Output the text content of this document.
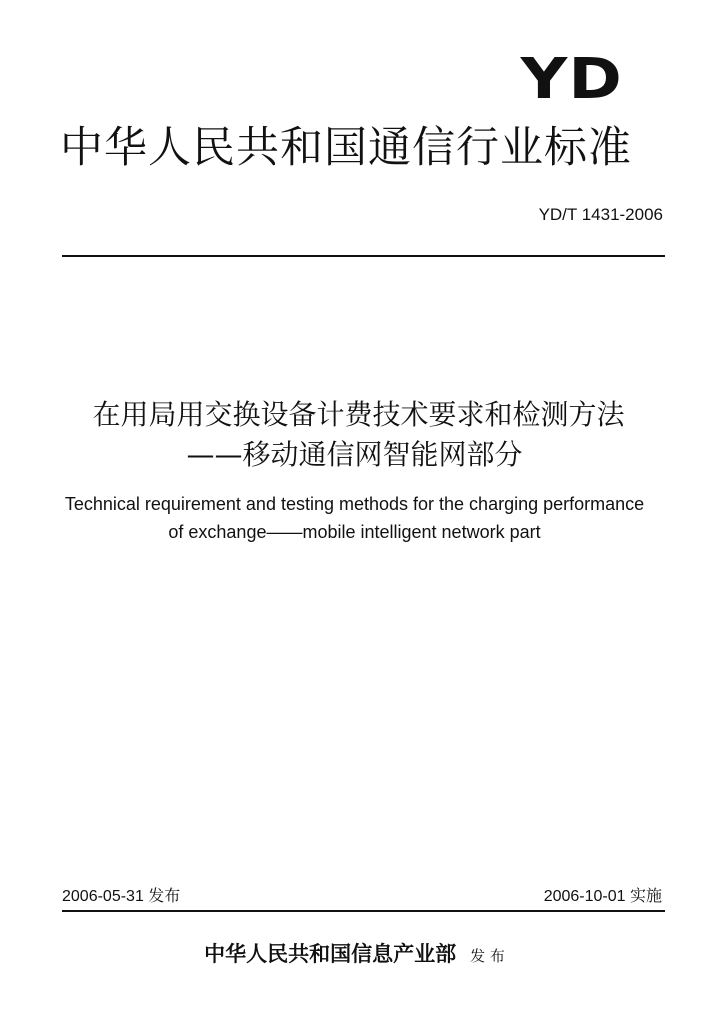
YD
中华人民共和国通信行业标准
YD/T 1431-2006
在用局用交换设备计费技术要求和检测方法
——移动通信网智能网部分
Technical requirement and testing methods for the charging performance
of exchange——mobile intelligent network part
2006-05-31 发布	2006-10-01 实施
中华人民共和国信息产业部 发 布
